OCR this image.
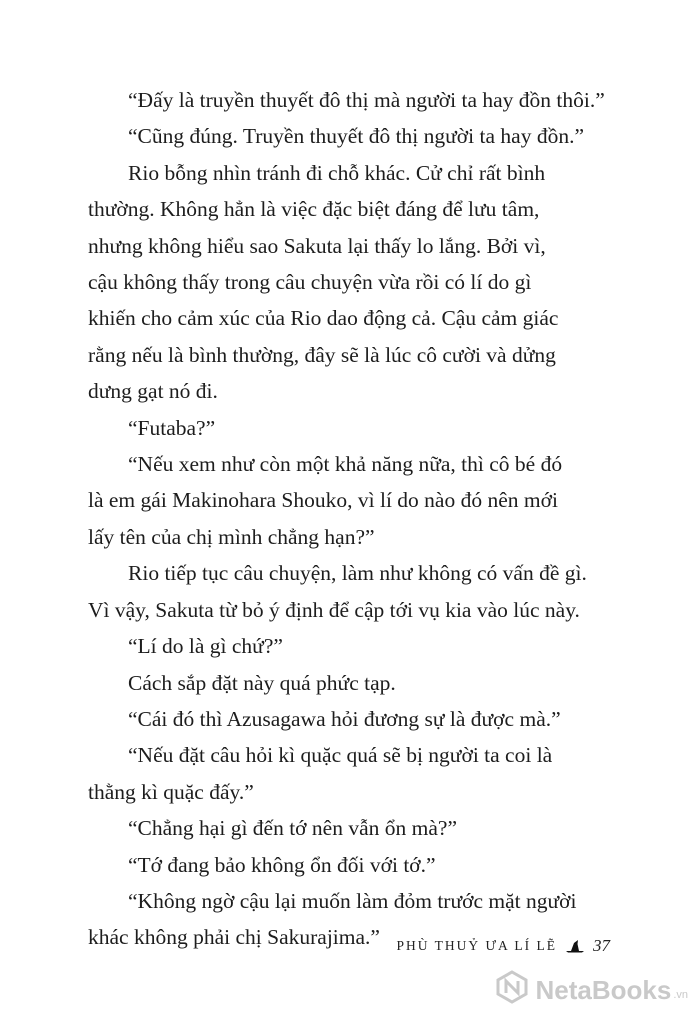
“Đấy là truyền thuyết đô thị mà người ta hay đồn thôi.”

“Cũng đúng. Truyền thuyết đô thị người ta hay đồn.”

Rio bỗng nhìn tránh đi chỗ khác. Cử chỉ rất bình
thường. Không hẳn là việc đặc biệt đáng để lưu tâm,
nhưng không hiểu sao Sakuta lại thấy lo lắng. Bởi vì,
cậu không thấy trong câu chuyện vừa rồi có lí do gì
khiến cho cảm xúc của Rio dao động cả. Cậu cảm giác
rằng nếu là bình thường, đây sẽ là lúc cô cười và dửng
dưng gạt nó đi.

“Futaba?”

“Nếu xem như còn một khả năng nữa, thì cô bé đó
là em gái Makinohara Shouko, vì lí do nào đó nên mới
lấy tên của chị mình chẳng hạn?”

Rio tiếp tục câu chuyện, làm như không có vấn đề gì.
Vì vậy, Sakuta từ bỏ ý định để cập tới vụ kia vào lúc này.

“Lí do là gì chứ?”

Cách sắp đặt này quá phức tạp.

“Cái đó thì Azusagawa hỏi đương sự là được mà.”

“Nếu đặt câu hỏi kì quặc quá sẽ bị người ta coi là
thằng kì quặc đấy.”

“Chẳng hại gì đến tớ nên vẫn ổn mà?”

“Tớ đang bảo không ổn đối với tớ.”

“Không ngờ cậu lại muốn làm đỏm trước mặt người
khác không phải chị Sakurajima.”	PHÙ THUỶ ƯA LÍ LẼ 37
NetaBooks .vn
